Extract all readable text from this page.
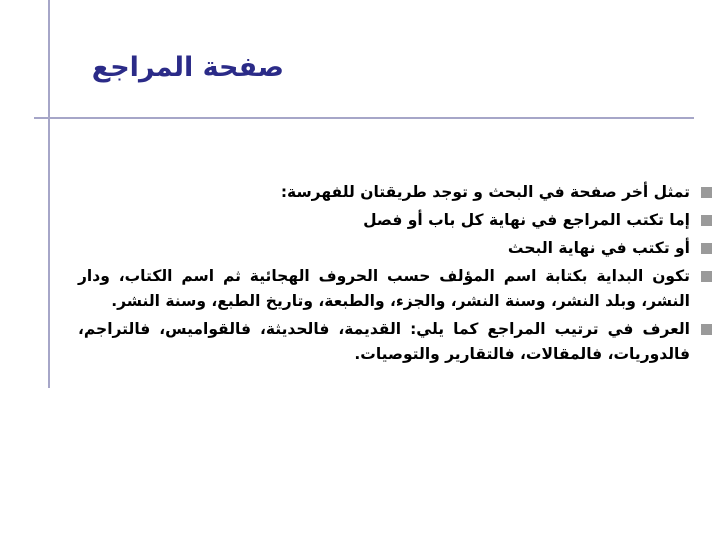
صفحة المراجع
تمثل أخر صفحة في البحث و توجد طريقتان للفهرسة:
إما تكتب المراجع في نهاية كل باب أو فصل
أو تكتب في نهاية البحث
تكون البداية بكتابة اسم المؤلف حسب الحروف الهجائية ثم اسم الكتاب، ودار النشر، وبلد النشر، وسنة النشر، والجزء، والطبعة، وتاريخ الطبع، وسنة النشر.
العرف في ترتيب المراجع كما يلي: القديمة، فالحديثة، فالقواميس، فالتراجم، فالدوريات، فالمقالات، فالتقارير والتوصيات.
